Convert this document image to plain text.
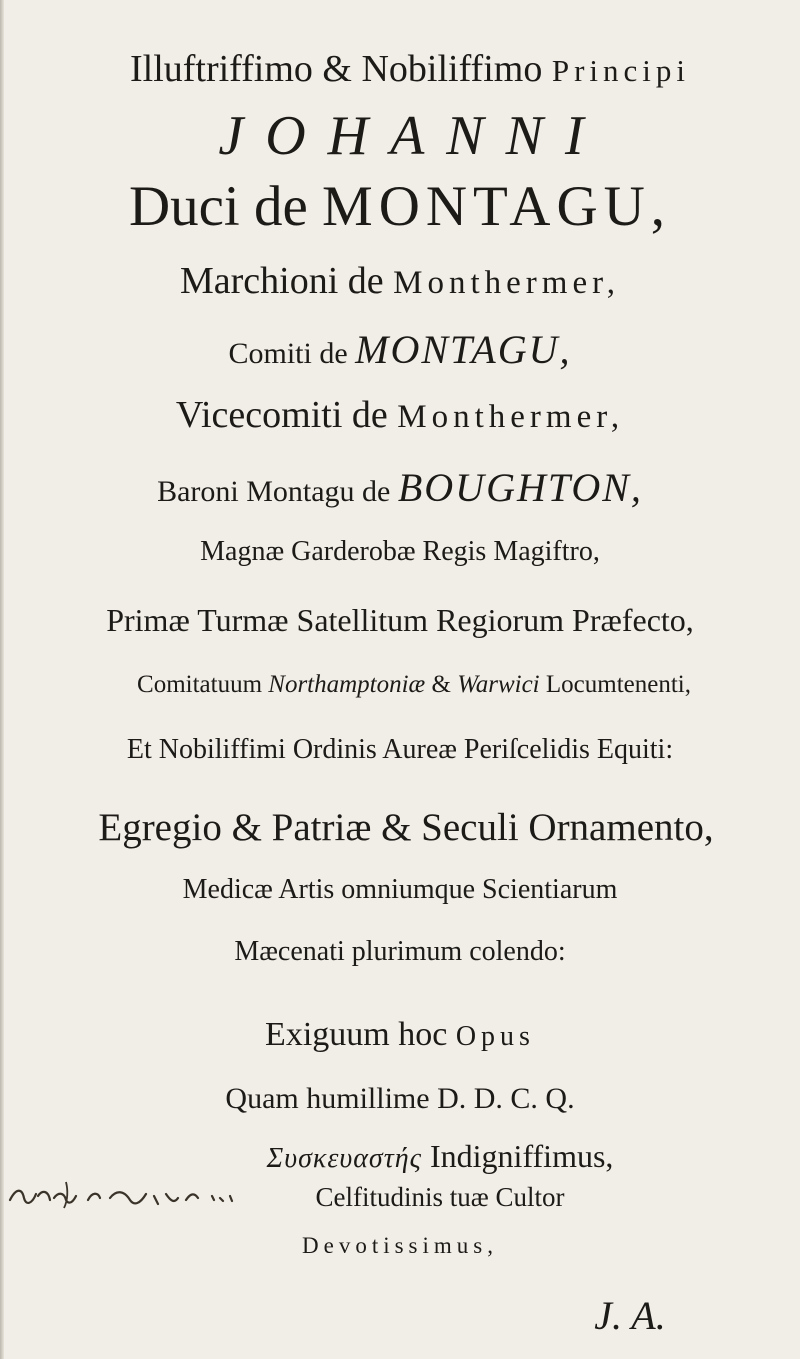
Illuftriffimo & Nobiliffimo Principi
JOHANNI
Duci de MONTAGU,
Marchioni de Monthermer,
Comiti de MONTAGU,
Vicecomiti de Monthermer,
Baroni Montagu de BOUGHTON,
Magnæ Garderobæ Regis Magiftro,
Primæ Turmæ Satellitum Regiorum Præfecto,
Comitatuum Northamptoniæ & Warwici Locumtenenti,
Et Nobiliffimi Ordinis Aureæ Periſcelidis Equiti:
Egregio & Patriæ & Seculi Ornamento,
Medicæ Artis omniumque Scientiarum
Mæcenati plurimum colendo:
Exiguum hoc Opus
Quam humillime D. D. C. Q.
Συσκευαστής Indigniffimus,
Celfitudinis tuæ Cultor
Devotissimus,
J. A.
